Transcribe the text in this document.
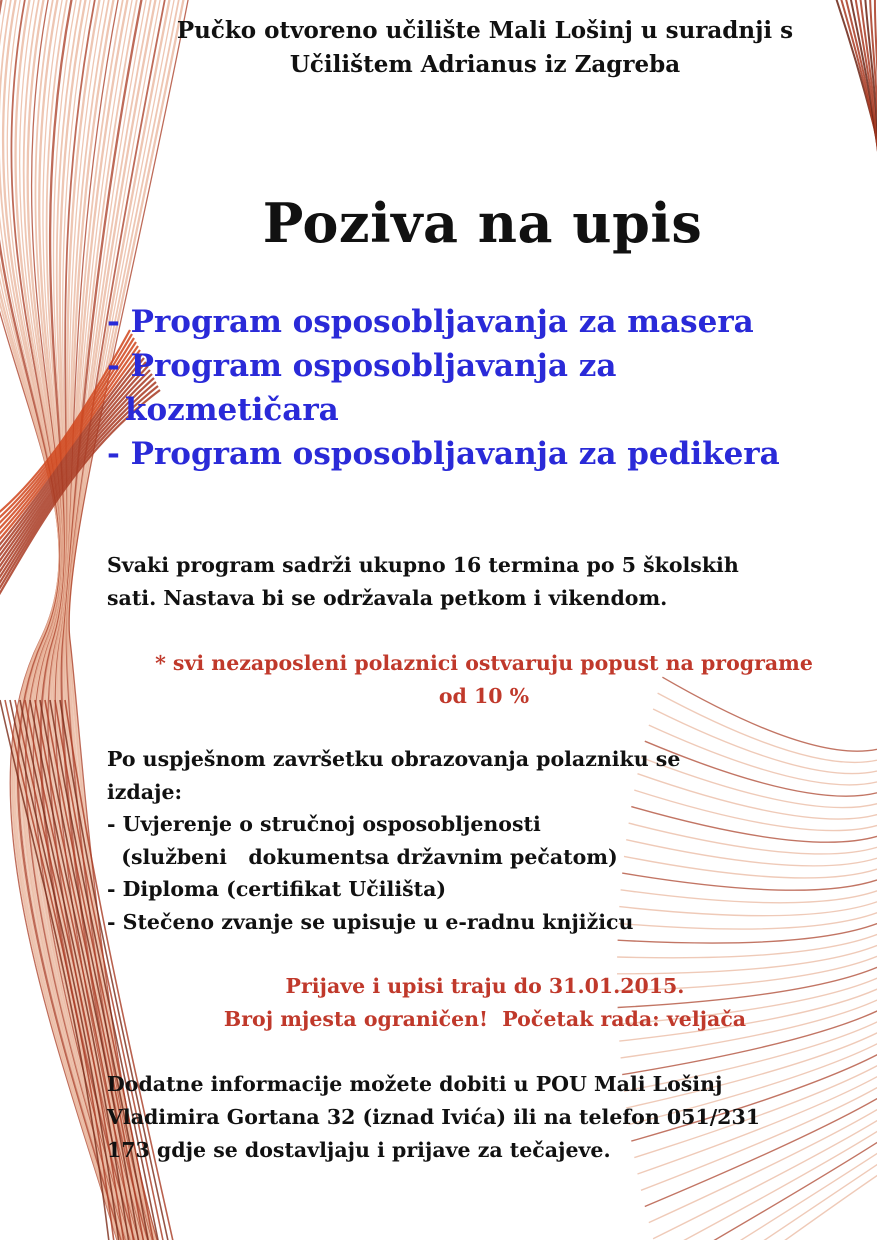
Pučko otvoreno učilište Mali Lošinj u suradnji s
Učilištem Adrianus iz Zagreba
Poziva na upis
- Program osposobljavanja za masera
- Program osposobljavanja za
kozmetičara
- Program osposobljavanja za pedikera
Svaki program sadrži ukupno 16 termina po 5 školskih
sati. Nastava bi se održavala petkom i vikendom.
* svi nezaposleni polaznici ostvaruju popust na programe
od 10 %
Po uspješnom završetku obrazovanja polazniku se
izdaje:
- Uvjerenje o stručnoj osposobljenosti
(službeni   dokumentsa državnim pečatom)
- Diploma (certifikat Učilišta)
- Stečeno zvanje se upisuje u e-radnu knjižicu
Prijave i upisi traju do 31.01.2015.
Broj mjesta ograničen!  Početak rada: veljača
Dodatne informacije možete dobiti u POU Mali Lošinj
Vladimira Gortana 32 (iznad Ivića) ili na telefon 051/231
173 gdje se dostavljaju i prijave za tečajeve.
